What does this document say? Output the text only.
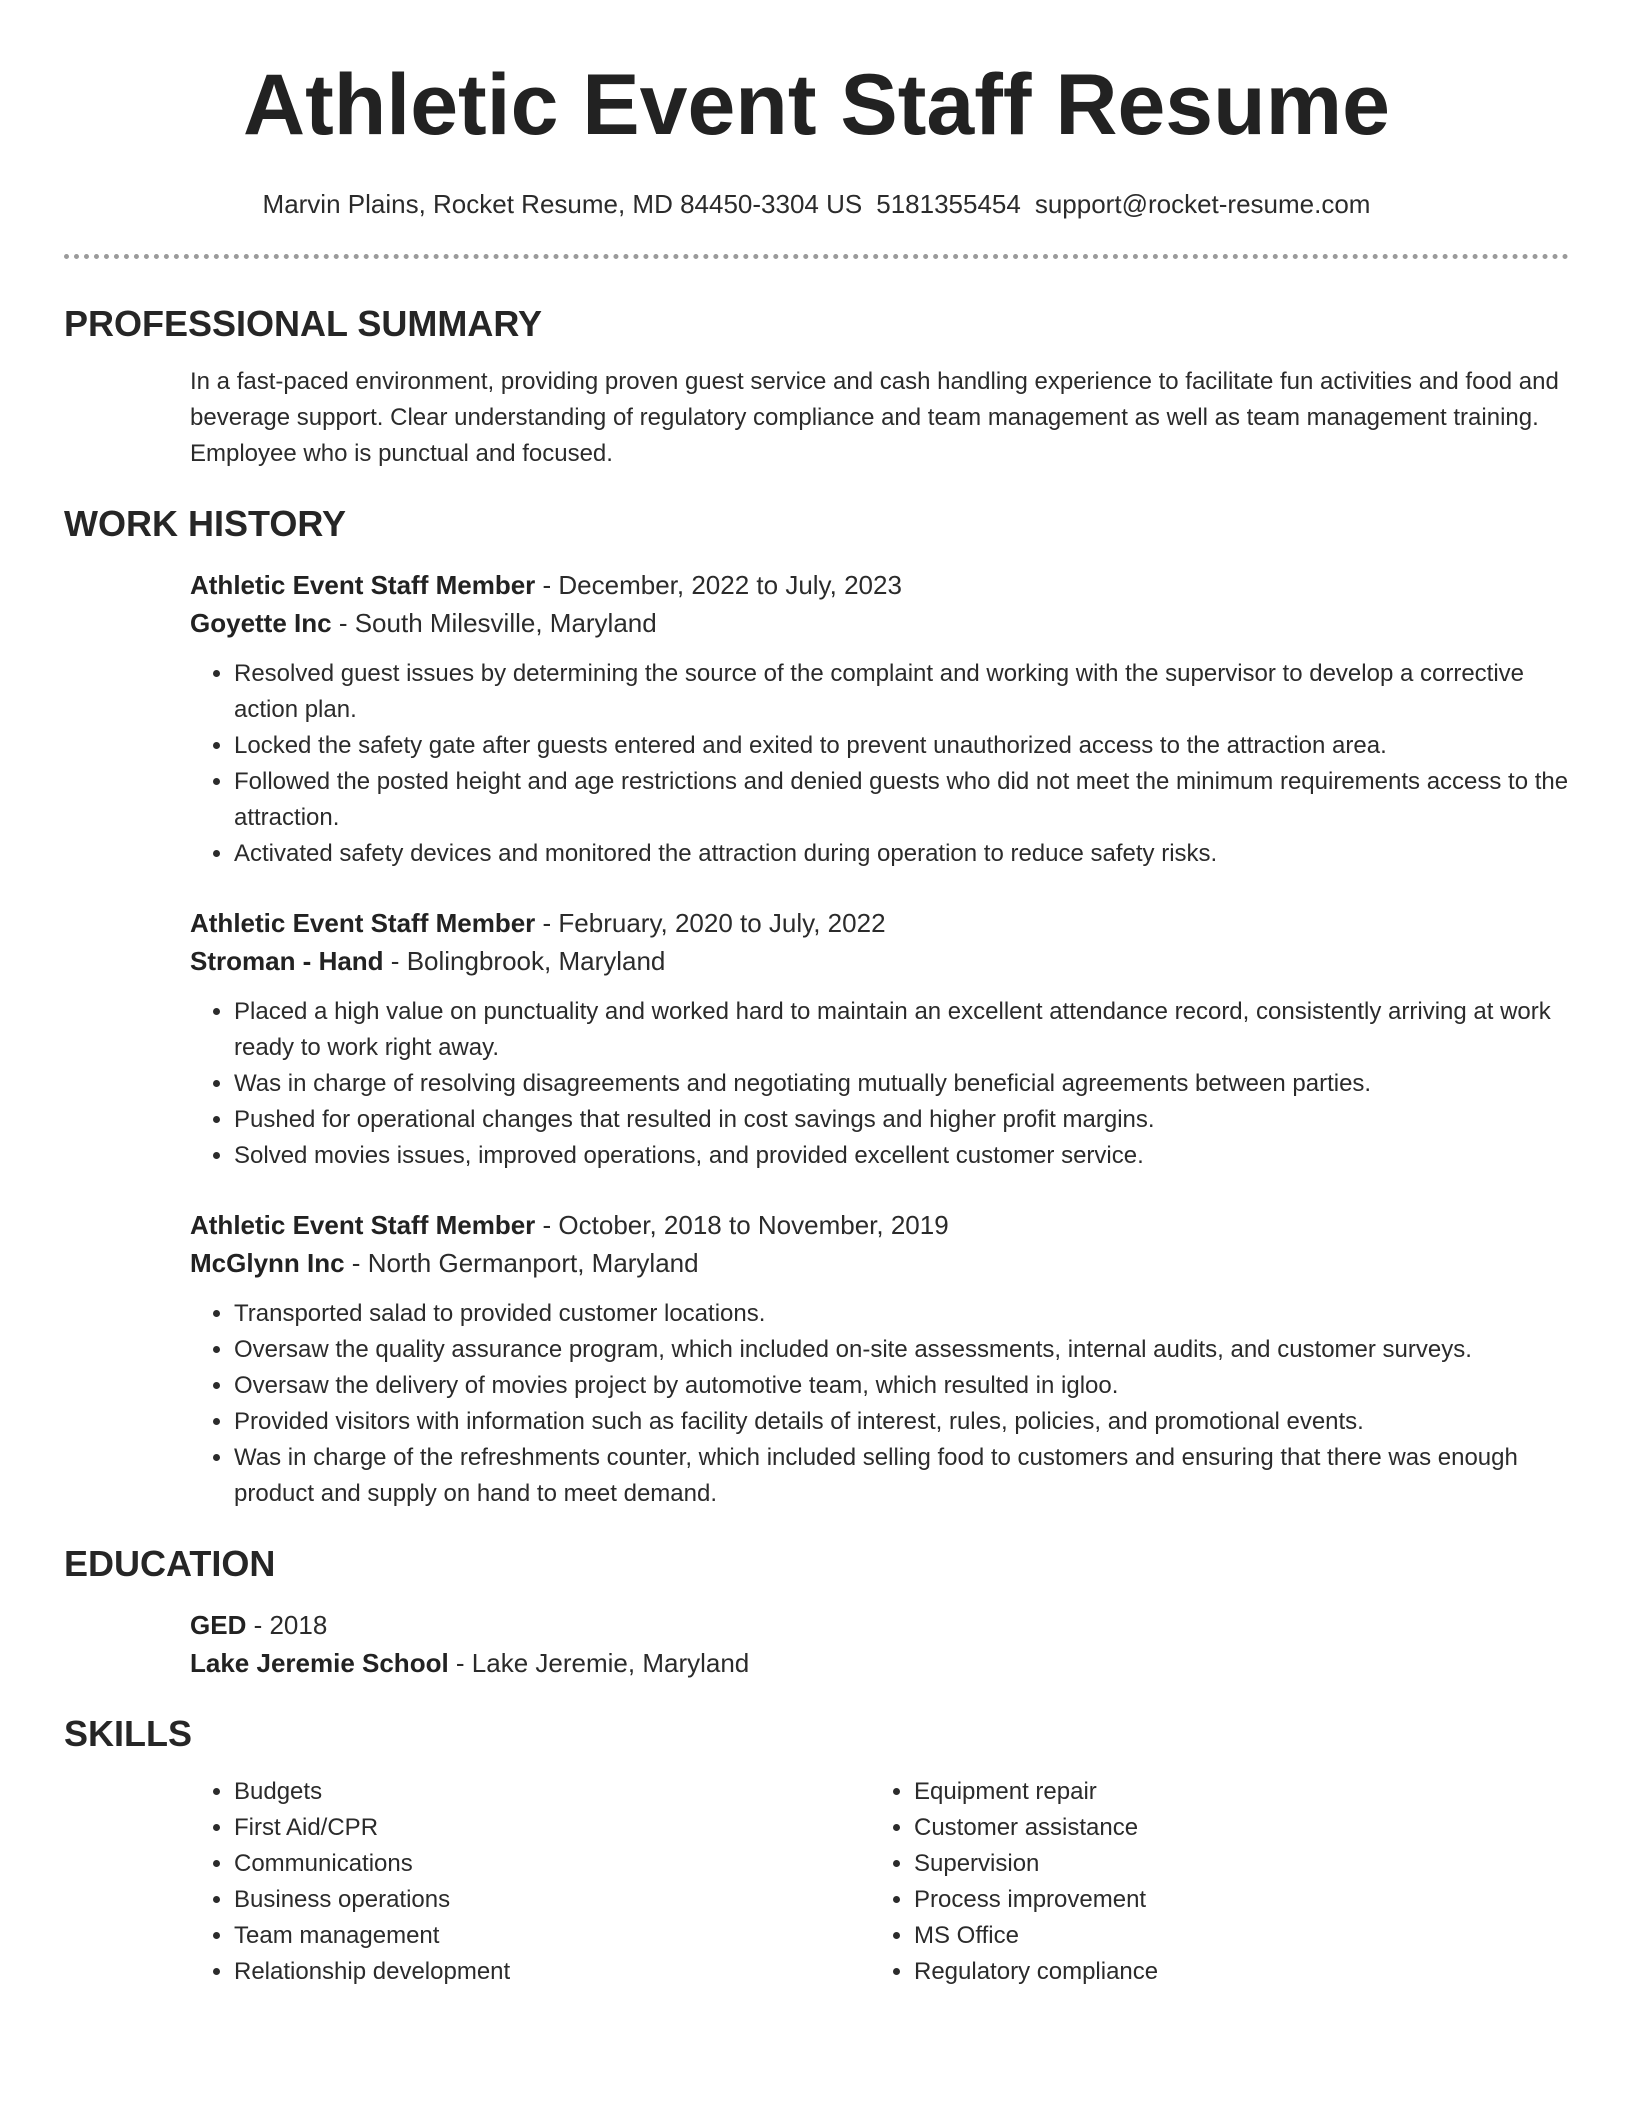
Athletic Event Staff Resume
Marvin Plains, Rocket Resume, MD 84450-3304 US 5181355454 support@rocket-resume.com
PROFESSIONAL SUMMARY
In a fast-paced environment, providing proven guest service and cash handling experience to facilitate fun activities and food and beverage support. Clear understanding of regulatory compliance and team management as well as team management training. Employee who is punctual and focused.
WORK HISTORY
Athletic Event Staff Member - December, 2022 to July, 2023
Goyette Inc - South Milesville, Maryland
• Resolved guest issues by determining the source of the complaint and working with the supervisor to develop a corrective action plan.
• Locked the safety gate after guests entered and exited to prevent unauthorized access to the attraction area.
• Followed the posted height and age restrictions and denied guests who did not meet the minimum requirements access to the attraction.
• Activated safety devices and monitored the attraction during operation to reduce safety risks.
Athletic Event Staff Member - February, 2020 to July, 2022
Stroman - Hand - Bolingbrook, Maryland
• Placed a high value on punctuality and worked hard to maintain an excellent attendance record, consistently arriving at work ready to work right away.
• Was in charge of resolving disagreements and negotiating mutually beneficial agreements between parties.
• Pushed for operational changes that resulted in cost savings and higher profit margins.
• Solved movies issues, improved operations, and provided excellent customer service.
Athletic Event Staff Member - October, 2018 to November, 2019
McGlynn Inc - North Germanport, Maryland
• Transported salad to provided customer locations.
• Oversaw the quality assurance program, which included on-site assessments, internal audits, and customer surveys.
• Oversaw the delivery of movies project by automotive team, which resulted in igloo.
• Provided visitors with information such as facility details of interest, rules, policies, and promotional events.
• Was in charge of the refreshments counter, which included selling food to customers and ensuring that there was enough product and supply on hand to meet demand.
EDUCATION
GED - 2018
Lake Jeremie School - Lake Jeremie, Maryland
SKILLS
• Budgets
• First Aid/CPR
• Communications
• Business operations
• Team management
• Relationship development
• Equipment repair
• Customer assistance
• Supervision
• Process improvement
• MS Office
• Regulatory compliance
